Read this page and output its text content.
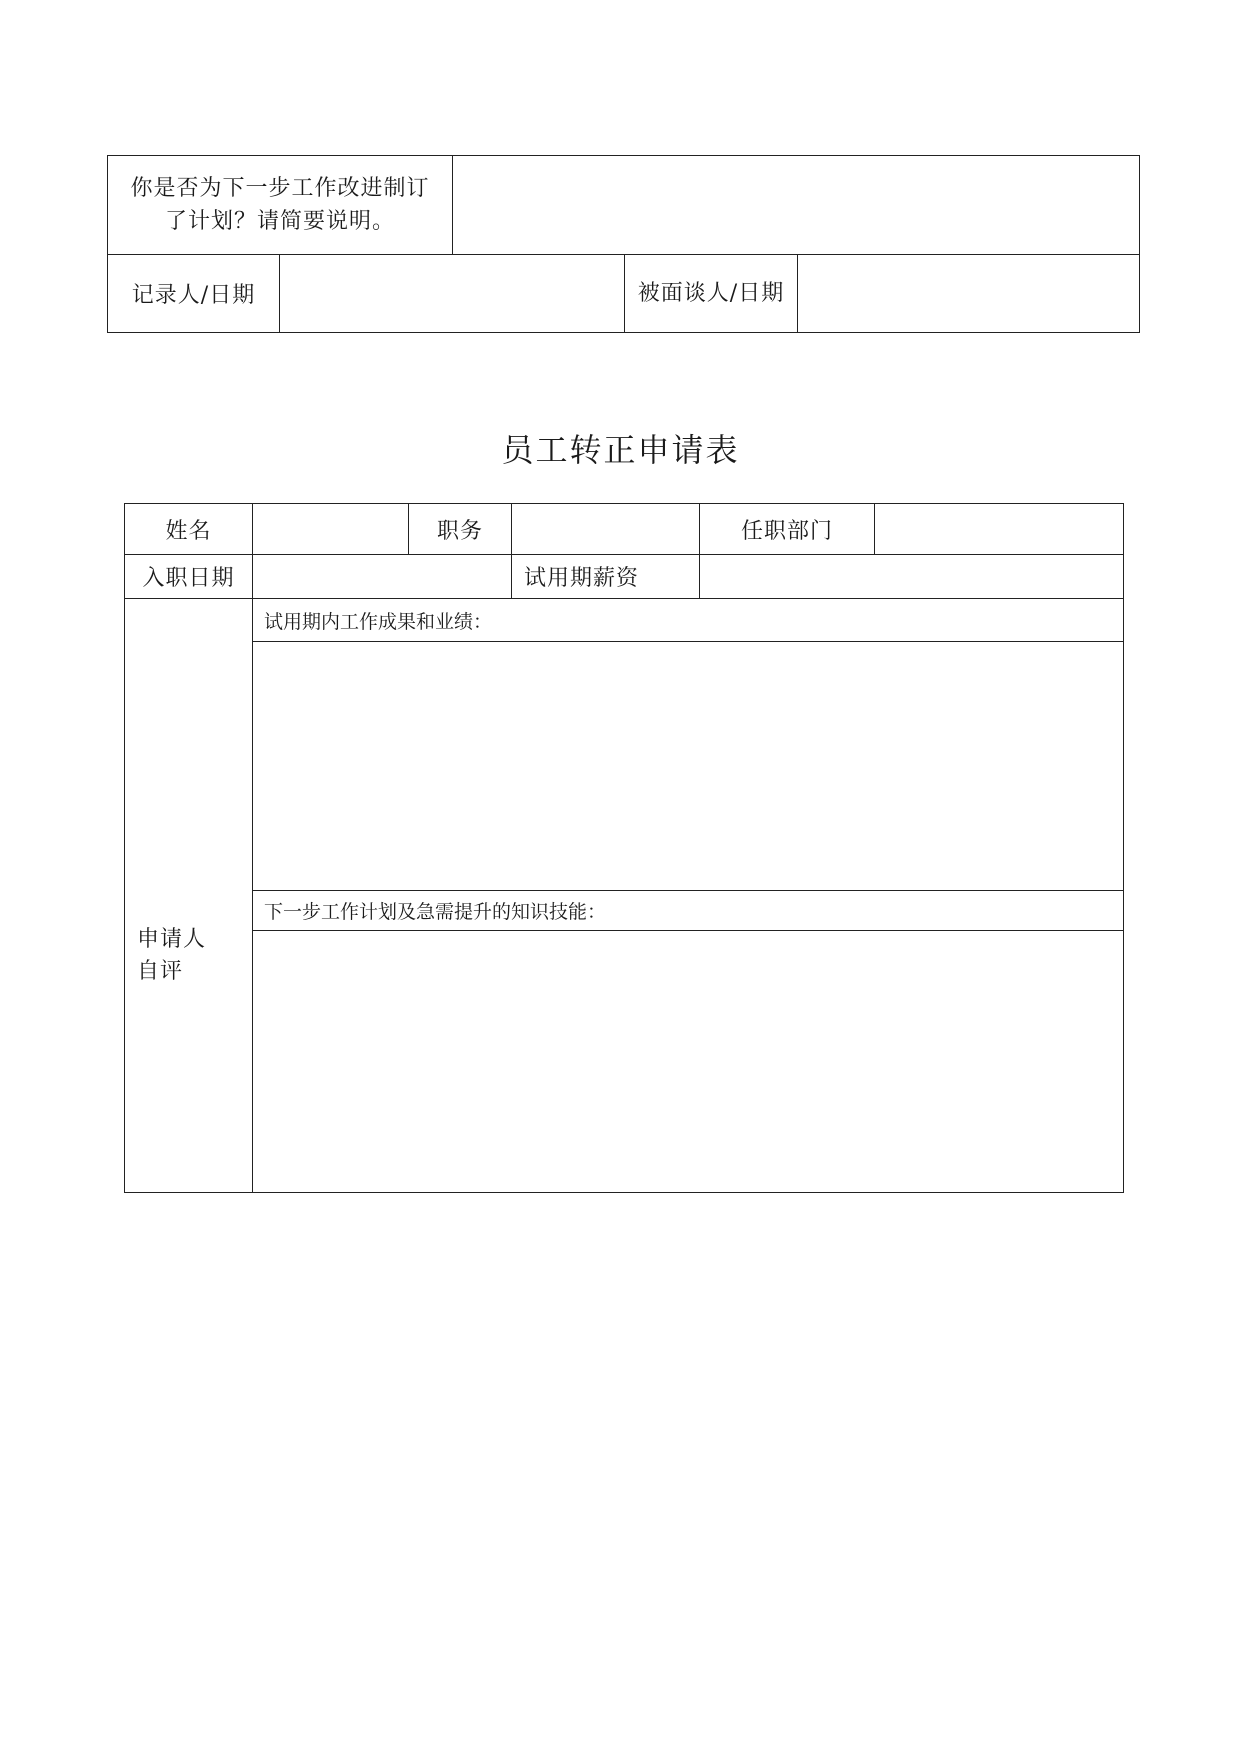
你是否为下一步工作改进制订了计划？请简要说明。				

记录人/日期			被面谈人/日期	

员工转正申请表
姓名		职务		任职部门	
入职日期			试用期薪资		

申请人自评	试用期内工作成果和业绩：				

	下一步工作计划及急需提升的知识技能：				
